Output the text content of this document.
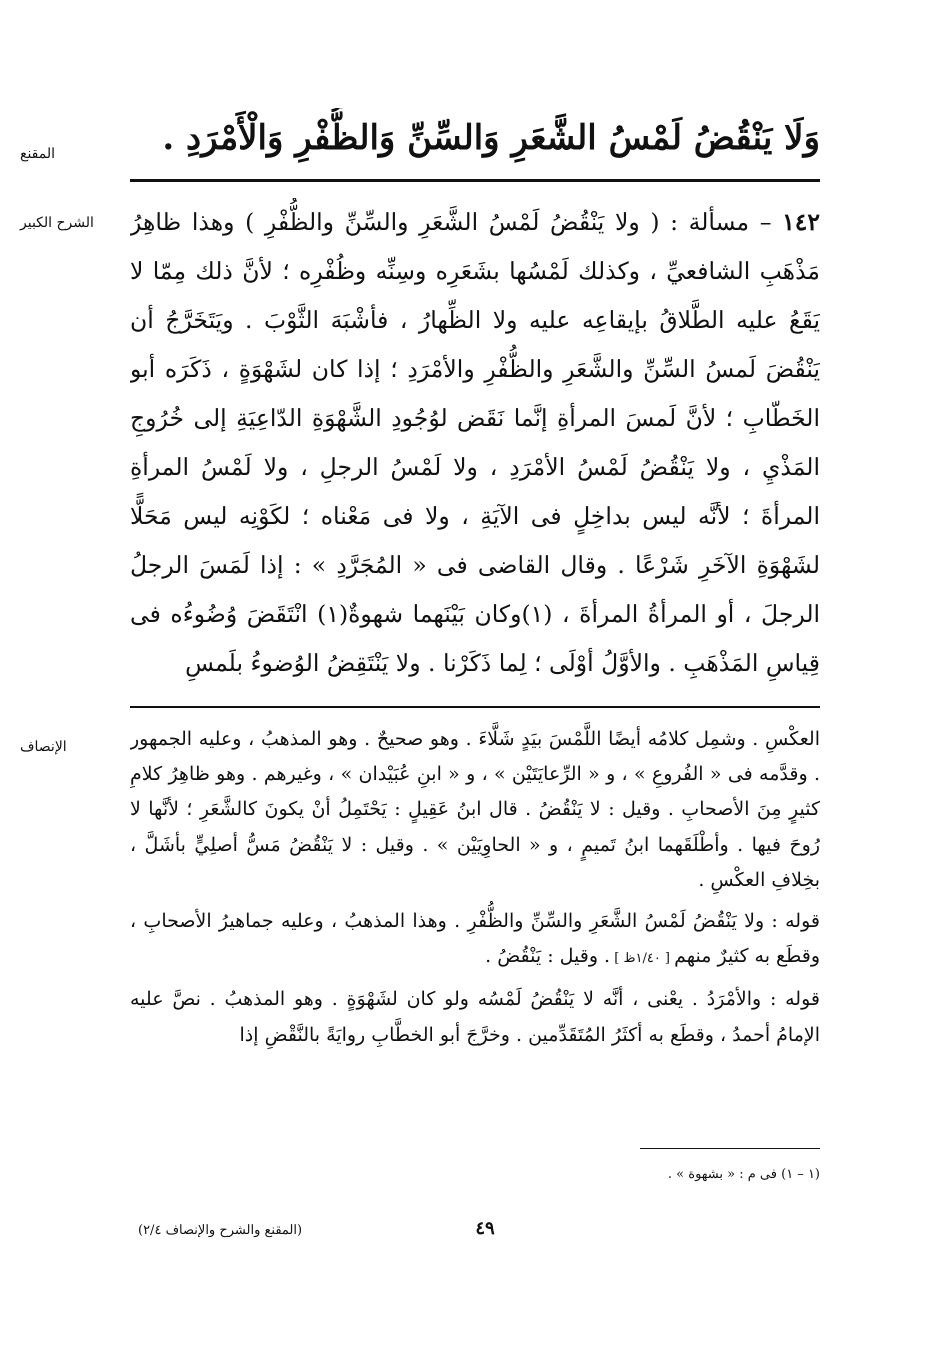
المقنع	وَلَا يَنْقُضُ لَمْسُ الشَّعَرِ وَالسِّنِّ وَالظُّفْرِ وَالْأَمْرَدِ .
الشرح الكبير	١٤٢ – مسألة : ( ولا يَنْقُضُ لَمْسُ الشَّعَرِ والسِّنِّ والظُّفْرِ ) وهذا ظاهِرُ مَذْهَبِ الشافعيِّ ، وكذلك لَمْسُها بشَعَرِه وسِنِّه وظُفْرِه ؛ لأنَّ ذلك مِمّا لا يَقَعُ عليه الطَّلاقُ بإيقاعِه عليه ولا الظِّهارُ ، فأشْبَهَ الثَّوْبَ . ويَتَخَرَّجُ أن يَنْقُضَ لَمسُ السِّنِّ والشَّعَرِ والظُّفْرِ والأمْرَدِ ؛ إذا كان لشَهْوَةٍ ، ذَكَرَه أبو الخَطّابِ ؛ لأنَّ لَمسَ المرأةِ إنَّما نَقَض لوُجُودِ الشَّهْوَةِ الدّاعِيَةِ إلى خُرُوجِ المَذْيِ ، ولا يَنْقُضُ لَمْسُ الأمْرَدِ ، ولا لَمْسُ الرجلِ ، ولا لَمْسُ المرأةِ المرأةَ ؛ لأنَّه ليس بداخِلٍ فى الآيَةِ ، ولا فى مَعْناه ؛ لكَوْنِه ليس مَحَلًّا لشَهْوَةِ الآخَرِ شَرْعًا . وقال القاضى فى « المُجَرَّدِ » : إذا لَمَسَ الرجلُ الرجلَ ، أو المرأةُ المرأةَ ، (١)وكان بَيْنَهما شهوةٌ(١) انْتَقَضَ وُضُوءُه فى قِياسِ المَذْهَبِ . والأوَّلُ أوْلَى ؛ لِما ذَكَرْنا . ولا يَنْتَقِضُ الوُضوءُ بلَمسِ
الإنصاف	العكْسِ . وشمِل كلامُه أيضًا اللَّمْسَ بيَدٍ شَلَّاءَ . وهو صحيحٌ . وهو المذهبُ ، وعليه الجمهور . وقدَّمه فى « الفُروعِ » ، و « الرِّعايَتَيْن » ، و « ابنِ عُبَيْدان » ، وغيرهم . وهو ظاهِرُ كلامِ كثيرٍ مِنَ الأصحابِ . وقيل : لا يَنْقُضُ . قال ابنُ عَقِيلٍ : يَحْتَمِلُ أنْ يكونَ كالشَّعَرِ ؛ لأنَّها لا رُوحَ فيها . وأطْلَقَهما ابنُ تَميمٍ ، و « الحاوِيَيْن » . وقيل : لا يَنْقُضُ مَسُّ أصلِيٍّ بأشَلَّ ، بخِلافِ العكْسِ .

قوله : ولا يَنْقُضُ لَمْسُ الشَّعَرِ والسِّنِّ والظُّفْرِ . وهذا المذهبُ ، وعليه جماهيرُ الأصحابِ ، وقطَع به كثيرٌ منهم [ ١/٤٠ظ ] . وقيل : يَنْقُضُ .

قوله : والأمْرَدُ . يعْنى ، أنَّه لا يَنْقُضُ لَمْسُه ولو كان لشَهْوَةٍ . وهو المذهبُ . نصَّ عليه الإمامُ أحمدُ ، وقطَع به أكثَرُ المُتَقَدِّمين . وخرَّجَ أبو الخطَّابِ روايَةً بالنَّقْضِ إذا

(١ – ١) فى م : « بشهوة » .
٤٩
(المقنع والشرح والإنصاف ٢/٤)
